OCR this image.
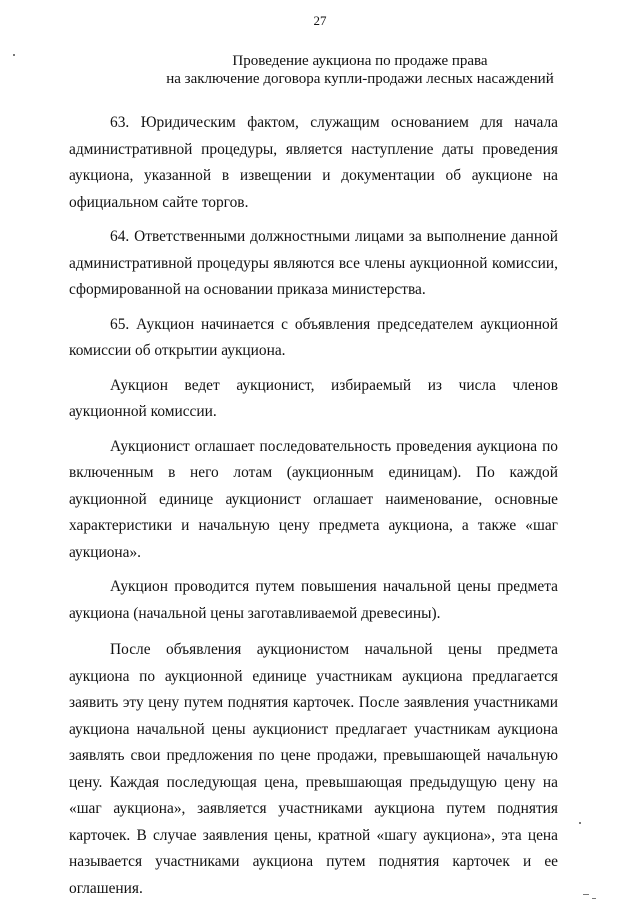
27
Проведение аукциона по продаже права
на заключение договора купли-продажи лесных насаждений

63. Юридическим фактом, служащим основанием для начала административной процедуры, является наступление даты проведения аукциона, указанной в извещении и документации об аукционе на официальном сайте торгов.

64. Ответственными должностными лицами за выполнение данной административной процедуры являются все члены аукционной комиссии, сформированной на основании приказа министерства.

65. Аукцион начинается с объявления председателем аукционной комиссии об открытии аукциона.

Аукцион ведет аукционист, избираемый из числа членов аукционной комиссии.

Аукционист оглашает последовательность проведения аукциона по включенным в него лотам (аукционным единицам). По каждой аукционной единице аукционист оглашает наименование, основные характеристики и начальную цену предмета аукциона, а также «шаг аукциона».

Аукцион проводится путем повышения начальной цены предмета аукциона (начальной цены заготавливаемой древесины).

После объявления аукционистом начальной цены предмета аукциона по аукционной единице участникам аукциона предлагается заявить эту цену путем поднятия карточек. После заявления участниками аукциона начальной цены аукционист предлагает участникам аукциона заявлять свои предложения по цене продажи, превышающей начальную цену. Каждая последующая цена, превышающая предыдущую цену на «шаг аукциона», заявляется участниками аукциона путем поднятия карточек. В случае заявления цены, кратной «шагу аукциона», эта цена называется участниками аукциона путем поднятия карточек и ее оглашения.
